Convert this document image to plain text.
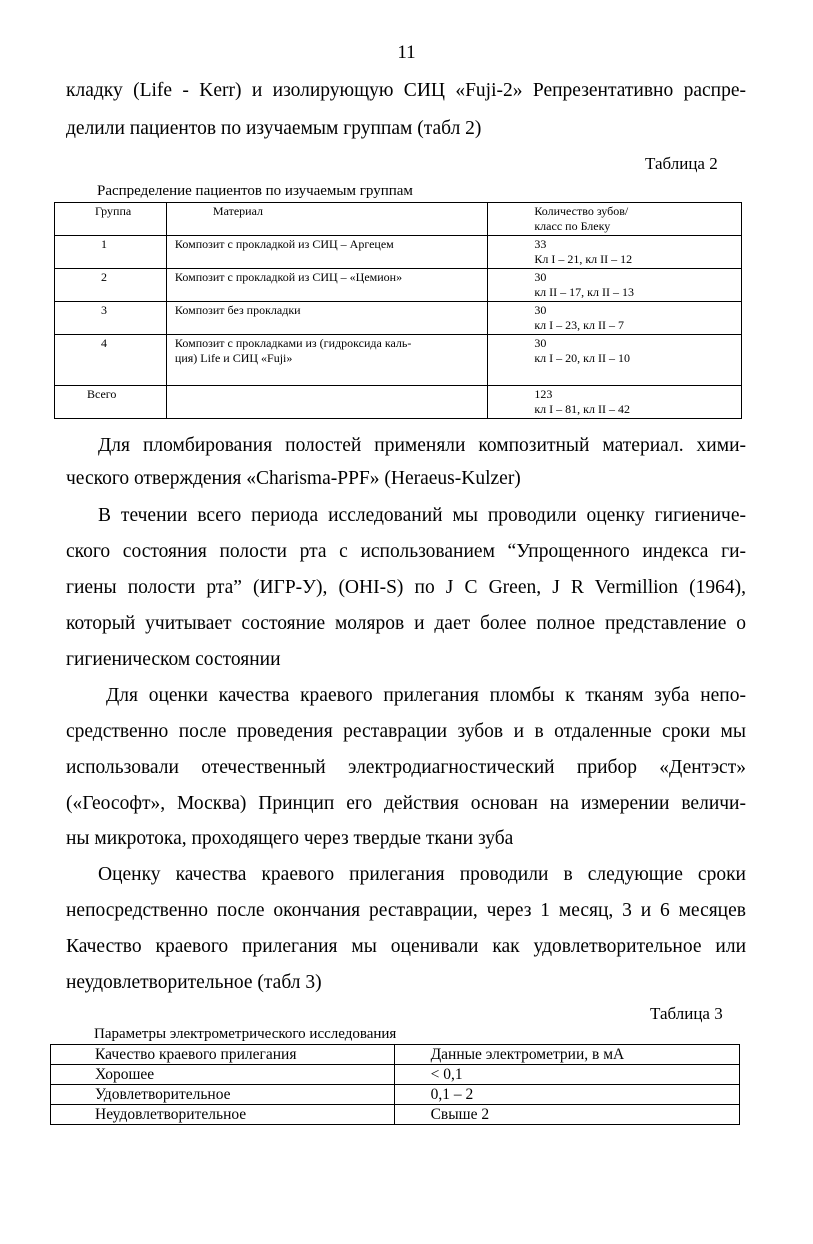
11
кладку (Lіfe - Kerr) и изолирующую СИЦ «Fujі-2» Репрезентативно распре-
делили пациентов по изучаемым группам (табл 2)
Таблица 2
Распределение пациентов по изучаемым группам
Группа	Материал	Количество зубов/
класс по Блеку

1	Композит с прокладкой из СИЦ – Аргецем	33
Кл I – 21, кл II – 12

2	Композит с прокладкой из СИЦ – «Цемион»	30
кл II – 17, кл II – 13

3	Композит без прокладки	30
кл I – 23, кл II – 7

4	Композит с прокладками из (гидроксида каль-
ция) Lіfe и СИЦ «Fujі»	30
кл I – 20, кл II – 10

Всего		123
кл I – 81, кл II – 42
Для пломбирования полостей применяли композитный материал. хими-
ческого отверждения «Charіsma-PPF» (Heraeus-Kulzer)
В течении всего периода исследований мы проводили оценку гигиениче-
ского состояния полости рта с использованием “Упрощенного индекса ги-
гиены полости рта” (ИГР-У), (OHI-S) по J C Green, J R Vermіllіon (1964),
который учитывает состояние моляров и дает более полное представление о
гигиеническом состоянии
Для оценки качества краевого прилегания пломбы к тканям зуба непо-
средственно после проведения реставрации зубов и в отдаленные сроки мы
использовали отечественный электродиагностический прибор «Дентэст»
(«Геософт», Москва) Принцип его действия основан на измерении величи-
ны микротока, проходящего через твердые ткани зуба
Оценку качества краевого прилегания проводили в следующие сроки
непосредственно после окончания реставрации, через 1 месяц, 3 и 6 месяцев
Качество краевого прилегания мы оценивали как удовлетворительное или
неудовлетворительное (табл 3)
Таблица 3
Параметры электрометрического исследования
Качество краевого прилегания	Данные электрометрии, в мА
Хорошее	< 0,1
Удовлетворительное	0,1 – 2
Неудовлетворительное	Свыше 2
